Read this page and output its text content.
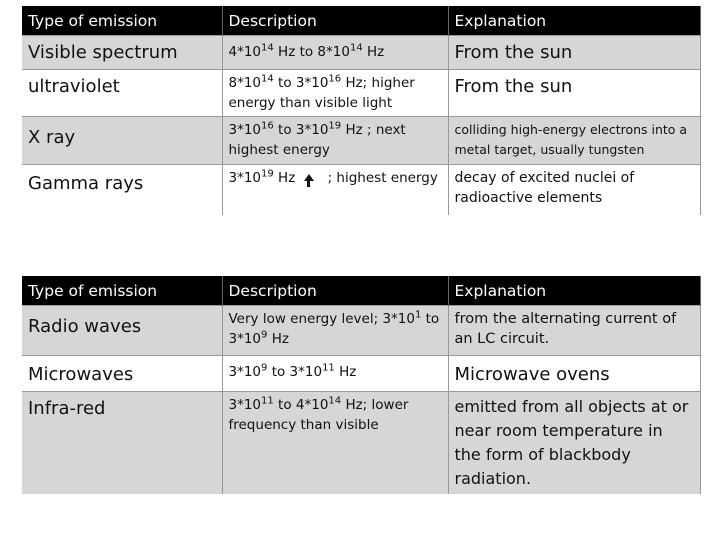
Type of emission	Description	Explanation
Visible spectrum	$4*10^{14}$ Hz to $8*10^{14}$ Hz	From the sun
ultraviolet	$8*10^{14}$ to $3*10^{16}$ Hz; higher energy than visible light	From the sun
X ray	$3*10^{16}$ to $3*10^{19}$ Hz ; next highest energy	colliding high-energy electrons into a metal target, usually tungsten
Gamma rays	$3*10^{19}$ Hz ; highest energy	decay of excited nuclei of radioactive elements
Type of emission	Description	Explanation
Radio waves	Very low energy level; $3*10^1$ to $3*10^9$ Hz	from the alternating current of an LC circuit.
Microwaves	$3*10^9$ to $3*10^{11}$ Hz	Microwave ovens
Infra-red	$3*10^{11}$ to $4*10^{14}$ Hz; lower frequency than visible	emitted from all objects at or near room temperature in the form of blackbody radiation.
